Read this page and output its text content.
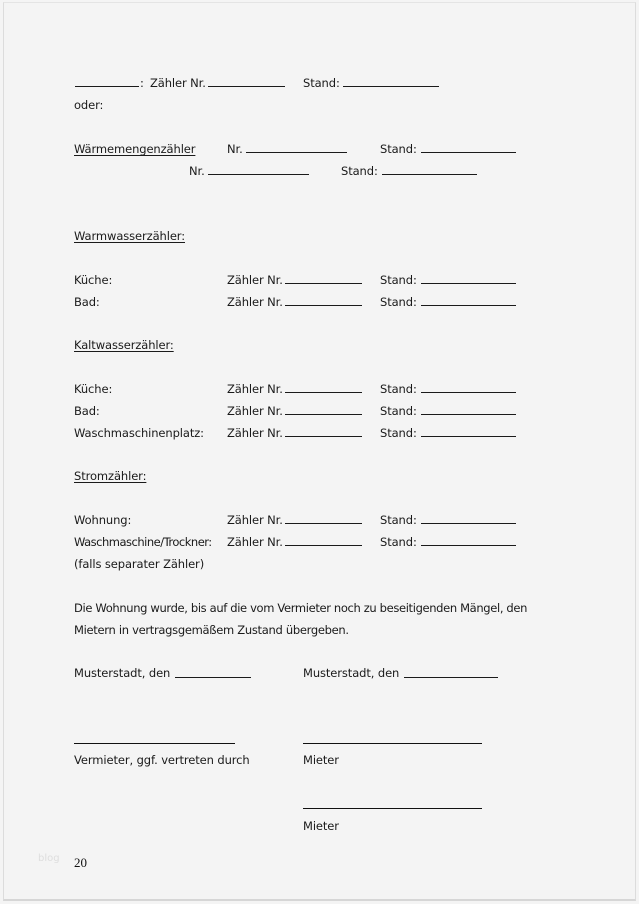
: Zähler Nr.	Stand:
oder:
Wärmemengenzähler	Nr.	Stand:
Nr.	Stand:
Warmwasserzähler:
Küche:	Zähler Nr.	Stand:
Bad:	Zähler Nr.	Stand:
Kaltwasserzähler:
Küche:	Zähler Nr.	Stand:
Bad:	Zähler Nr.	Stand:
Waschmaschinenplatz: Zähler Nr.	Stand:
Stromzähler:
Wohnung:	Zähler Nr.	Stand:
Waschmaschine/Trockner: Zähler Nr.	Stand:
(falls separater Zähler)
Die Wohnung wurde, bis auf die vom Vermieter noch zu beseitigenden Mängel, den
Mietern in vertragsgemäßem Zustand übergeben.
Musterstadt, den	Musterstadt, den
Vermieter, ggf. vertreten durch	Mieter
Mieter
blog 20
